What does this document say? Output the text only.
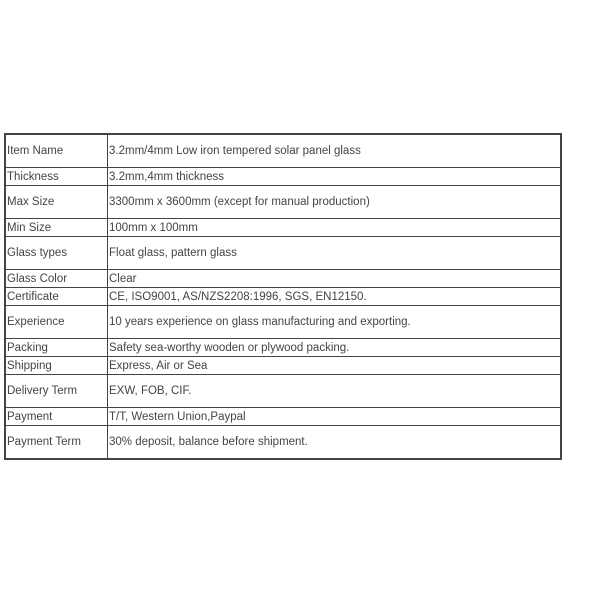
Item Name	3.2mm/4mm Low iron tempered solar panel glass
Thickness	3.2mm,4mm thickness
Max Size	3300mm x 3600mm (except for manual production)
Min Size	100mm x 100mm
Glass types	Float glass, pattern glass
Glass Color	Clear
Certificate	CE, ISO9001, AS/NZS2208:1996, SGS, EN12150.
Experience	10 years experience on glass manufacturing and exporting.
Packing	Safety sea-worthy wooden or plywood packing.
Shipping	Express, Air or Sea
Delivery Term	EXW, FOB, CIF.
Payment	T/T, Western Union,Paypal
Payment Term	30% deposit, balance before shipment.
